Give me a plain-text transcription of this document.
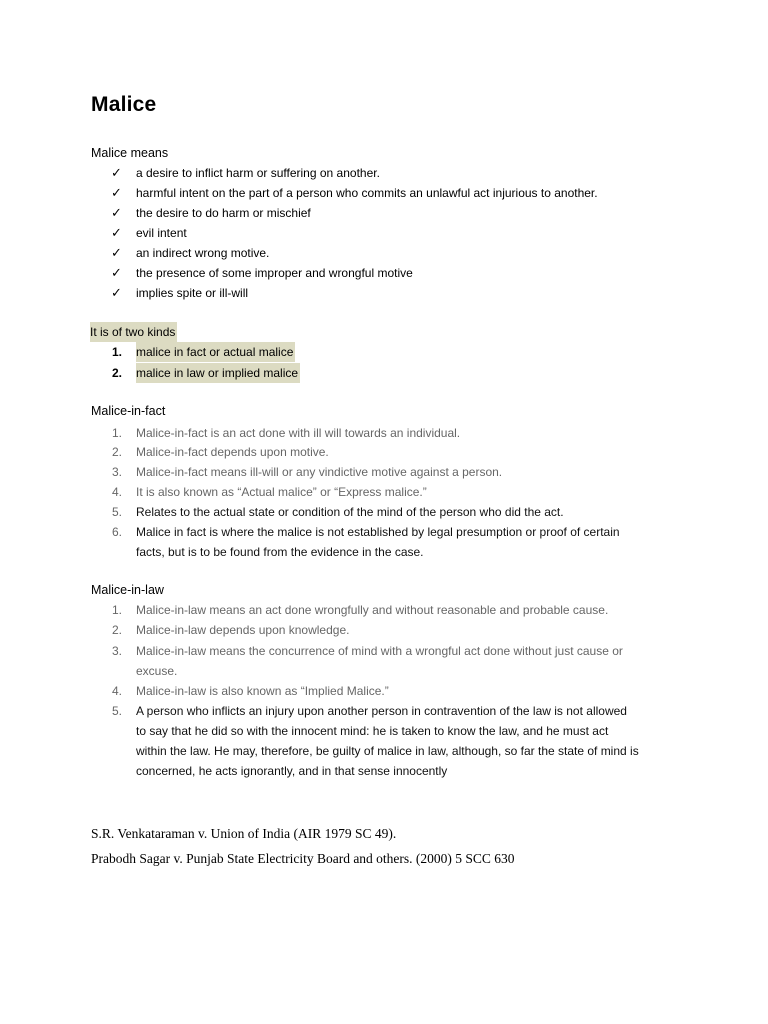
Malice
Malice means
✓ a desire to inflict harm or suffering on another.
✓ harmful intent on the part of a person who commits an unlawful act injurious to another.
✓ the desire to do harm or mischief
✓ evil intent
✓ an indirect wrong motive.
✓ the presence of some improper and wrongful motive
✓ implies spite or ill-will
It is of two kinds
1.	malice in fact or actual malice
2.	malice in law or implied malice
Malice-in-fact
1.	Malice-in-fact is an act done with ill will towards an individual.
2.	Malice-in-fact depends upon motive.
3.	Malice-in-fact means ill-will or any vindictive motive against a person.
4.	It is also known as “Actual malice” or “Express malice.”
5.	Relates to the actual state or condition of the mind of the person who did the act.
6.	Malice in fact is where the malice is not established by legal presumption or proof of certain
facts, but is to be found from the evidence in the case.
Malice-in-law
1.	Malice-in-law means an act done wrongfully and without reasonable and probable cause.
2.	Malice-in-law depends upon knowledge.
3.	Malice-in-law means the concurrence of mind with a wrongful act done without just cause or
excuse.
4.	Malice-in-law is also known as “Implied Malice.”
5.	A person who inflicts an injury upon another person in contravention of the law is not allowed
to say that he did so with the innocent mind: he is taken to know the law, and he must act
within the law. He may, therefore, be guilty of malice in law, although, so far the state of mind is
concerned, he acts ignorantly, and in that sense innocently
S.R. Venkataraman v. Union of India (AIR 1979 SC 49).
Prabodh Sagar v. Punjab State Electricity Board and others. (2000) 5 SCC 630
